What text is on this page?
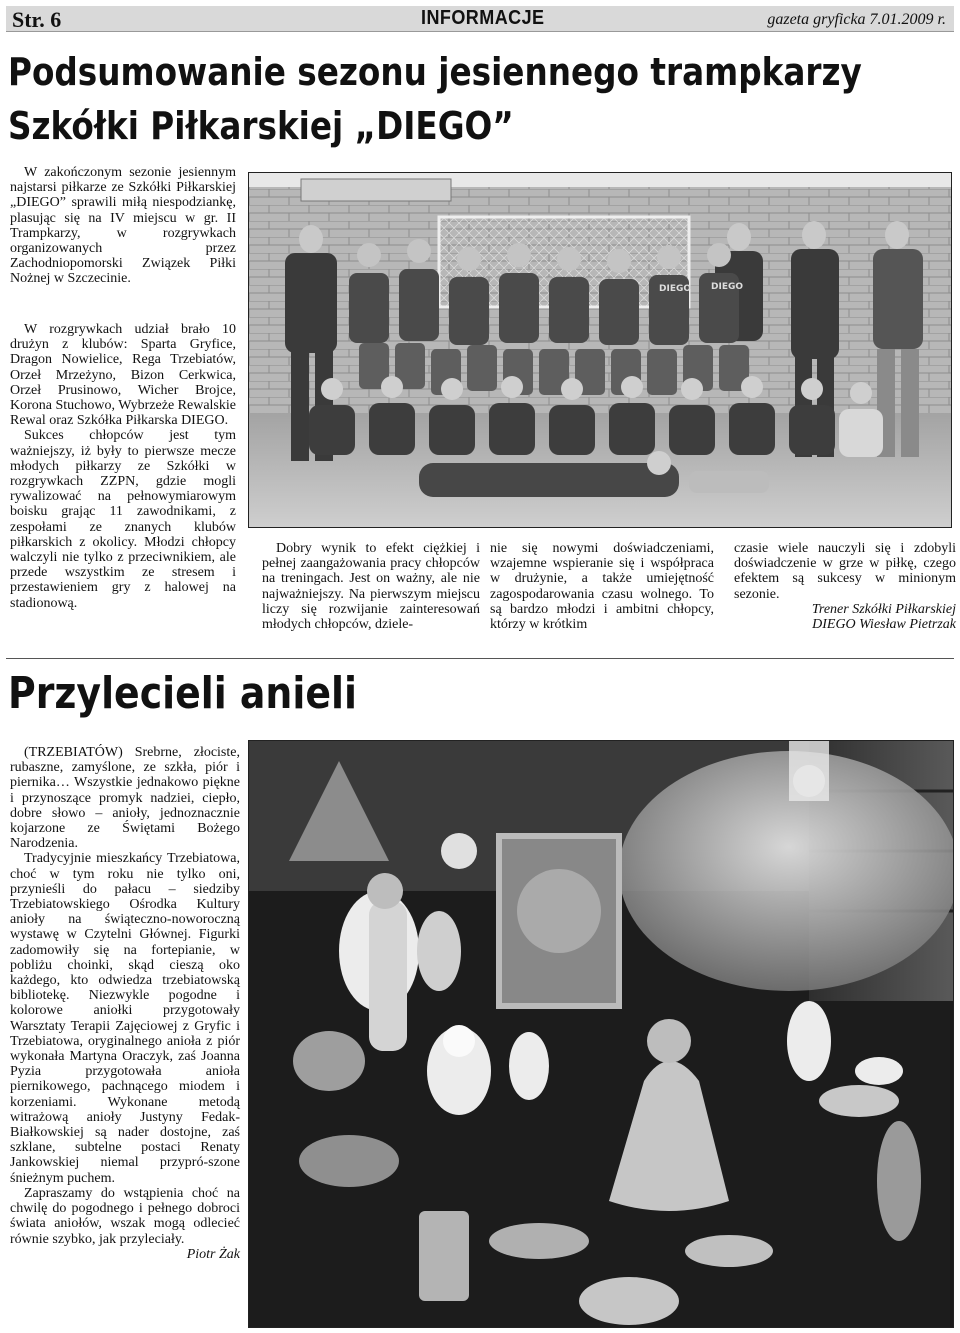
Str. 6	INFORMACJE	gazeta gryficka 7.01.2009 r.
Podsumowanie sezonu jesiennego trampkarzy
Szkółki Piłkarskiej „DIEGO”

W zakończonym sezonie jesiennym najstarsi piłkarze ze Szkółki Piłkarskiej „DIEGO” sprawili miłą niespodziankę, plasując się na IV miejscu w gr. II Trampkarzy, w rozgrywkach organizowanych przez Zachodniopomorski Związek Piłki Nożnej w Szczecinie.

W rozgrywkach udział brało 10 drużyn z klubów: Sparta Gryfice, Dragon Nowielice, Rega Trzebiatów, Orzeł Mrzeżyno, Bizon Cerkwica, Orzeł Prusinowo, Wicher Brojce, Korona Stuchowo, Wybrzeże Rewalskie Rewal oraz Szkółka Piłkarska DIEGO.

Sukces chłopców jest tym ważniejszy, iż były to pierwsze mecze młodych piłkarzy ze Szkółki w rozgrywkach ZZPN, gdzie mogli rywalizować na pełnowymiarowym boisku grając 11 zawodnikami, z zespołami ze znanych klubów piłkarskich z okolicy. Młodzi chłopcy walczyli nie tylko z przeciwnikiem, ale przede wszystkim ze stresem i przestawieniem gry z halowej na stadionową.

DIEGO DIEGO

Dobry wynik to efekt ciężkiej i pełnej zaangażowania pracy chłopców na treningach. Jest on ważny, ale nie najważniejszy. Na pierwszym miejscu liczy się rozwijanie zainteresowań młodych chłopców, dziele-

nie się nowymi doświadczeniami, wzajemne wspieranie się i współpraca w drużynie, a także umiejętność zagospodarowania czasu wolnego. To są bardzo młodzi i ambitni chłopcy, którzy w krótkim

czasie wiele nauczyli się i zdobyli doświadczenie w grze w piłkę, czego efektem są sukcesy w minionym sezonie.

Trener Szkółki Piłkarskiej

DIEGO Wiesław Pietrzak

Przylecieli anieli

(TRZEBIATÓW) Srebrne, złociste, rubaszne, zamyślone, ze szkła, piór i piernika… Wszystkie jednakowo piękne i przynoszące promyk nadziei, ciepło, dobre słowo – anioły, jednoznacznie kojarzone ze Świętami Bożego Narodzenia.

Tradycyjnie mieszkańcy Trzebiatowa, choć w tym roku nie tylko oni, przynieśli do pałacu – siedziby Trzebiatowskiego Ośrodka Kultury anioły na świąteczno-noworoczną wystawę w Czytelni Głównej. Figurki zadomowiły się na fortepianie, w pobliżu choinki, skąd cieszą oko każdego, kto odwiedza trzebiatowską bibliotekę. Niezwykle pogodne i kolorowe aniołki przygotowały Warsztaty Terapii Zajęciowej z Gryfic i Trzebiatowa, oryginalnego anioła z piór wykonała Martyna Oraczyk, zaś Joanna Pyzia przygotowała anioła piernikowego, pachnącego miodem i korzeniami. Wykonane metodą witrażową anioły Justyny Fedak-Białkowskiej są nader dostojne, zaś szklane, subtelne postaci Renaty Jankowskiej niemal przypró-szone śnieżnym puchem.

Zapraszamy do wstąpienia choć na chwilę do pogodnego i pełnego dobroci świata aniołów, wszak mogą odlecieć równie szybko, jak przyleciały.
Piotr Żak
